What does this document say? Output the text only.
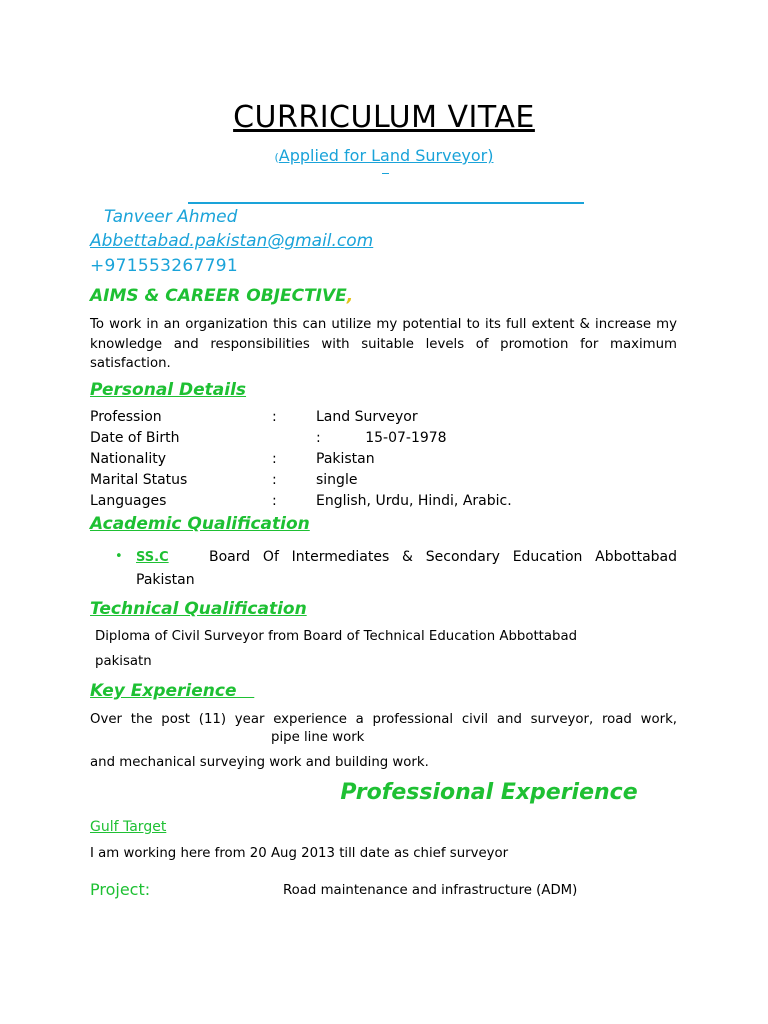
CURRICULUM VITAE
(Applied for Land Surveyor)
Tanveer Ahmed
Abbettabad.pakistan@gmail.com
+971553267791
AIMS & CAREER OBJECTIVE,
To work in an organization this can utilize my potential to its full extent & increase my knowledge and responsibilities with suitable levels of promotion for maximum satisfaction.
Personal Details
Profession	:	Land Surveyor
Date of Birth		:          15-07-1978
Nationality	:	Pakistan
Marital Status	:	single
Languages	:	English, Urdu, Hindi, Arabic.
Academic Qualification
• SS.C	Board Of Intermediates & Secondary Education Abbottabad
Pakistan
Technical Qualification
Diploma of Civil Surveyor from Board of Technical Education Abbottabad
pakisatn
Key Experience
Over the post (11) year experience a professional civil and surveyor, road work,
pipe line work
and mechanical surveying work and building work.
Professional Experience
Gulf Target
I am working here from 20 Aug 2013 till date as chief surveyor
Project:	Road maintenance and infrastructure (ADM)
